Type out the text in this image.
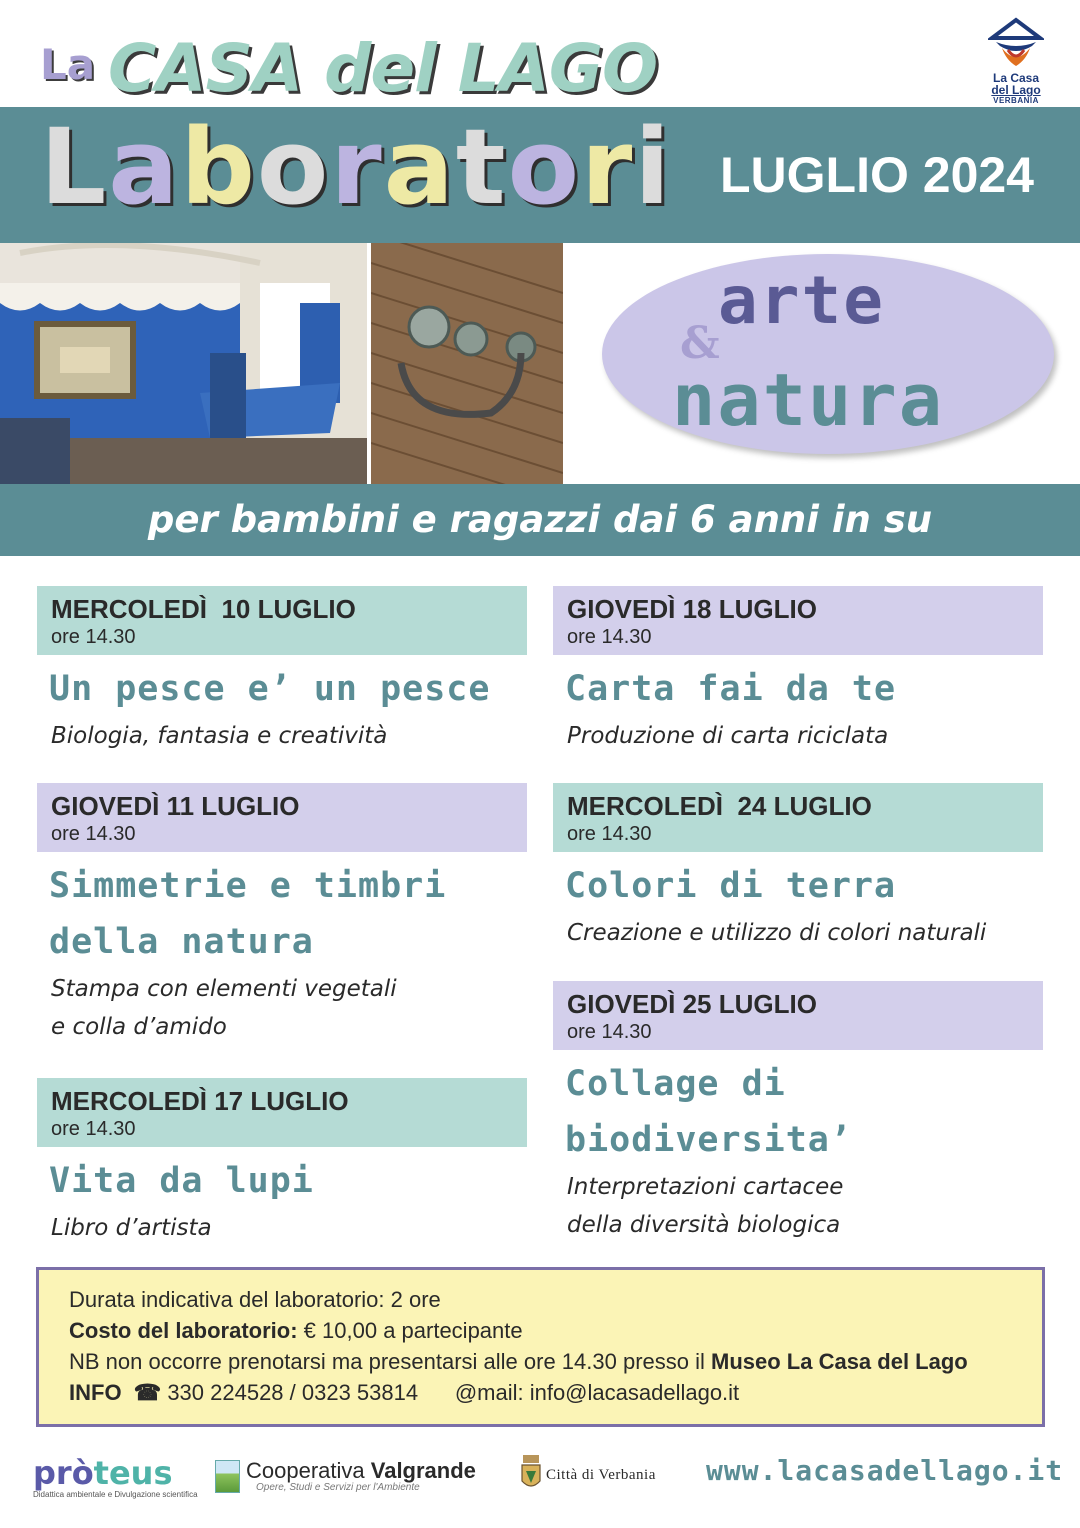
La CASA del LAGO	La Casa
del Lago
VERBANIA
Laboratori LUGLIO 2024
arte
&
natura
per bambini e ragazzi dai 6 anni in su
MERCOLEDÌ  10 LUGLIO
ore 14.30
Un pesce e’ un pesce
Biologia, fantasia e creatività
GIOVEDÌ 11 LUGLIO
ore 14.30
Simmetrie e timbri
della natura
Stampa con elementi vegetali
e colla d’amido
MERCOLEDÌ 17 LUGLIO
ore 14.30
Vita da lupi
Libro d’artista
GIOVEDÌ 18 LUGLIO
ore 14.30
Carta fai da te
Produzione di carta riciclata
MERCOLEDÌ  24 LUGLIO
ore 14.30
Colori di terra
Creazione e utilizzo di colori naturali
GIOVEDÌ 25 LUGLIO
ore 14.30
Collage di
biodiversita’
Interpretazioni cartacee
della diversità biologica
Durata indicativa del laboratorio: 2 ore
Costo del laboratorio: € 10,00 a partecipante
NB non occorre prenotarsi ma presentarsi alle ore 14.30 presso il Museo La Casa del Lago
INFO ☎ 330 224528 / 0323 53814 @mail: info@lacasadellago.it
pròteus
Didattica ambientale e Divulgazione scientifica
Cooperativa Valgrande
Opere, Studi e Servizi per l'Ambiente
Città di Verbania www.lacasadellago.it
